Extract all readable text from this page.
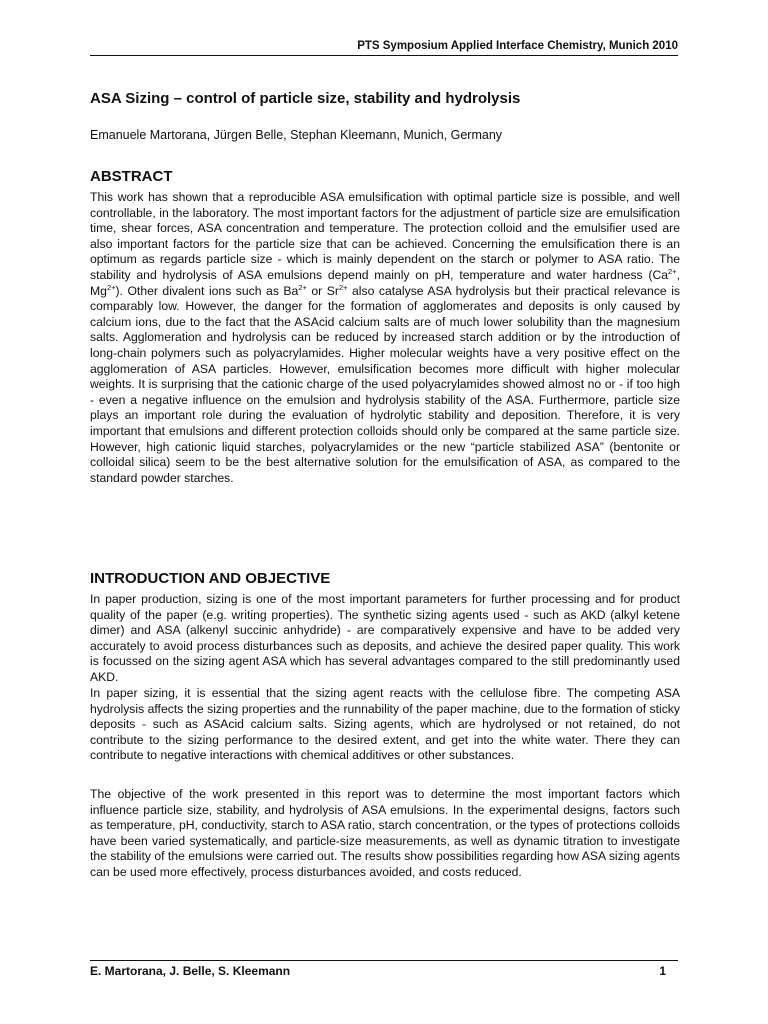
PTS Symposium Applied Interface Chemistry, Munich 2010
ASA Sizing – control of particle size, stability and hydrolysis
Emanuele Martorana, Jürgen Belle, Stephan Kleemann, Munich, Germany
ABSTRACT

This work has shown that a reproducible ASA emulsification with optimal particle size is possible, and well controllable, in the laboratory. The most important factors for the adjustment of particle size are emulsification time, shear forces, ASA concentration and temperature. The protection colloid and the emulsifier used are also important factors for the particle size that can be achieved. Concerning the emulsification there is an optimum as regards particle size - which is mainly dependent on the starch or polymer to ASA ratio. The stability and hydrolysis of ASA emulsions depend mainly on pH, temperature and water hardness ($Ca^{2+}$, $Mg^{2+}$). Other divalent ions such as $Ba^{2+}$ or $Sr^{2+}$ also catalyse ASA hydrolysis but their practical relevance is comparably low. However, the danger for the formation of agglomerates and deposits is only caused by calcium ions, due to the fact that the ASAcid calcium salts are of much lower solubility than the magnesium salts. Agglomeration and hydrolysis can be reduced by increased starch addition or by the introduction of long-chain polymers such as polyacrylamides. Higher molecular weights have a very positive effect on the agglomeration of ASA particles. However, emulsification becomes more difficult with higher molecular weights. It is surprising that the cationic charge of the used polyacrylamides showed almost no or - if too high - even a negative influence on the emulsion and hydrolysis stability of the ASA. Furthermore, particle size plays an important role during the evaluation of hydrolytic stability and deposition. Therefore, it is very important that emulsions and different protection colloids should only be compared at the same particle size. However, high cationic liquid starches, polyacrylamides or the new “particle stabilized ASA” (bentonite or colloidal silica) seem to be the best alternative solution for the emulsification of ASA, as compared to the standard powder starches.

INTRODUCTION AND OBJECTIVE

In paper production, sizing is one of the most important parameters for further processing and for product quality of the paper (e.g. writing properties). The synthetic sizing agents used - such as AKD (alkyl ketene dimer) and ASA (alkenyl succinic anhydride) - are comparatively expensive and have to be added very accurately to avoid process disturbances such as deposits, and achieve the desired paper quality. This work is focussed on the sizing agent ASA which has several advantages compared to the still predominantly used AKD.

In paper sizing, it is essential that the sizing agent reacts with the cellulose fibre. The competing ASA hydrolysis affects the sizing properties and the runnability of the paper machine, due to the formation of sticky deposits - such as ASAcid calcium salts. Sizing agents, which are hydrolysed or not retained, do not contribute to the sizing performance to the desired extent, and get into the white water. There they can contribute to negative interactions with chemical additives or other substances.

The objective of the work presented in this report was to determine the most important factors which influence particle size, stability, and hydrolysis of ASA emulsions. In the experimental designs, factors such as temperature, pH, conductivity, starch to ASA ratio, starch concentration, or the types of protections colloids have been varied systematically, and particle-size measurements, as well as dynamic titration to investigate the stability of the emulsions were carried out. The results show possibilities regarding how ASA sizing agents can be used more effectively, process disturbances avoided, and costs reduced.

E. Martorana, J. Belle, S. Kleemann	1
